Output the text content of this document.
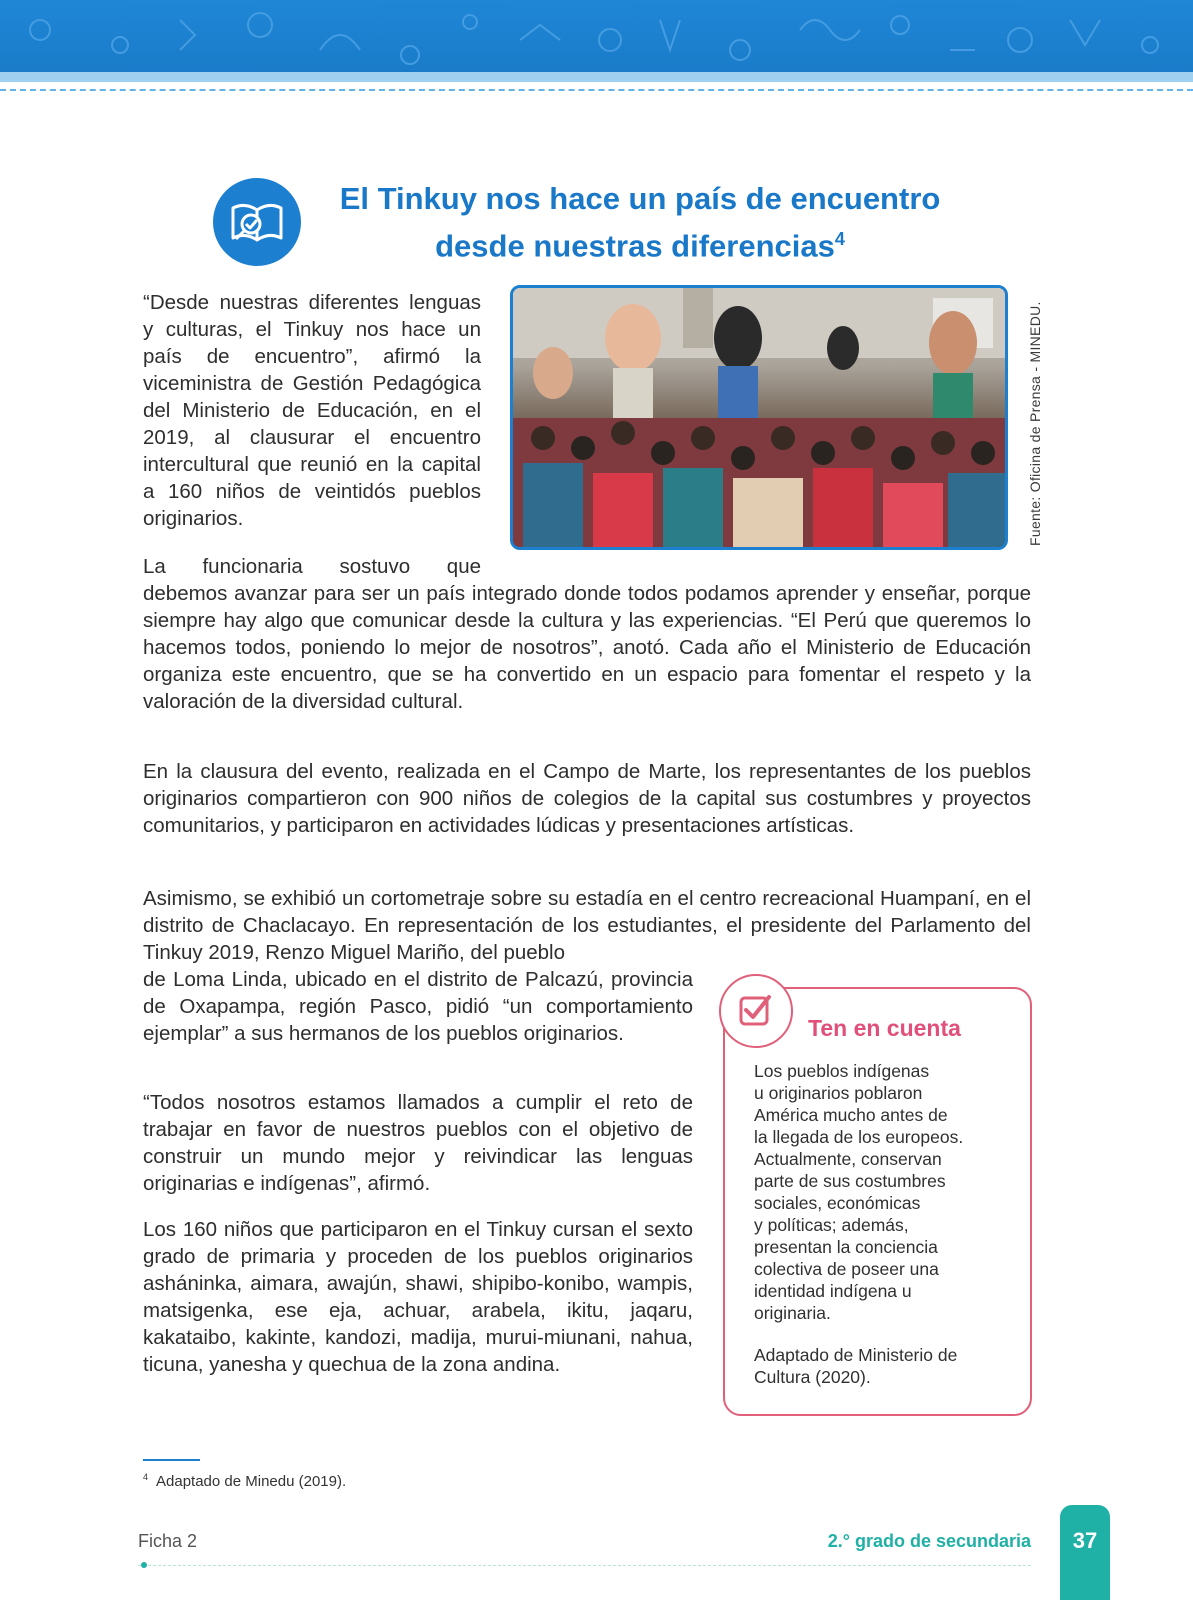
El Tinkuy nos hace un país de encuentro
desde nuestras diferencias$^4$

“Desde nuestras diferentes lenguas y culturas, el Tinkuy nos hace un país de encuentro”, afirmó la viceministra de Gestión Pedagógica del Ministerio de Educación, en el 2019, al clausurar el encuentro intercultural que reunió en la capital a 160 niños de veintidós pueblos originarios.	Fuente: Oficina de Prensa - MINEDU.
La funcionaria sostuvo que
debemos avanzar para ser un país integrado donde todos podamos aprender y enseñar, porque siempre hay algo que comunicar desde la cultura y las experiencias. “El Perú que queremos lo hacemos todos, poniendo lo mejor de nosotros”, anotó. Cada año el Ministerio de Educación organiza este encuentro, que se ha convertido en un espacio para fomentar el respeto y la valoración de la diversidad cultural.

En la clausura del evento, realizada en el Campo de Marte, los representantes de los pueblos originarios compartieron con 900 niños de colegios de la capital sus costumbres y proyectos comunitarios, y participaron en actividades lúdicas y presentaciones artísticas.

Asimismo, se exhibió un cortometraje sobre su estadía en el centro recreacional Huampaní, en el distrito de Chaclacayo. En representación de los estudiantes, el presidente del Parlamento del Tinkuy 2019, Renzo Miguel Mariño, del pueblo

de Loma Linda, ubicado en el distrito de Palcazú, provincia de Oxapampa, región Pasco, pidió “un comportamiento ejemplar” a sus hermanos de los pueblos originarios.

“Todos nosotros estamos llamados a cumplir el reto de trabajar en favor de nuestros pueblos con el objetivo de construir un mundo mejor y reivindicar las lenguas originarias e indígenas”, afirmó.

Los 160 niños que participaron en el Tinkuy cursan el sexto grado de primaria y proceden de los pueblos originarios asháninka, aimara, awajún, shawi, shipibo-konibo, wampis, matsigenka, ese eja, achuar, arabela, ikitu, jaqaru, kakataibo, kakinte, kandozi, madija, murui-miunani, nahua, ticuna, yanesha y quechua de la zona andina.

Ten en cuenta
Los pueblos indígenas
u originarios poblaron
América mucho antes de
la llegada de los europeos.
Actualmente, conservan
parte de sus costumbres
sociales, económicas
y políticas; además,
presentan la conciencia
colectiva de poseer una
identidad indígena u
originaria.
Adaptado de Ministerio de
Cultura (2020).
$^4$ Adaptado de Minedu (2019).
Ficha 2	2.° grado de secundaria	37
